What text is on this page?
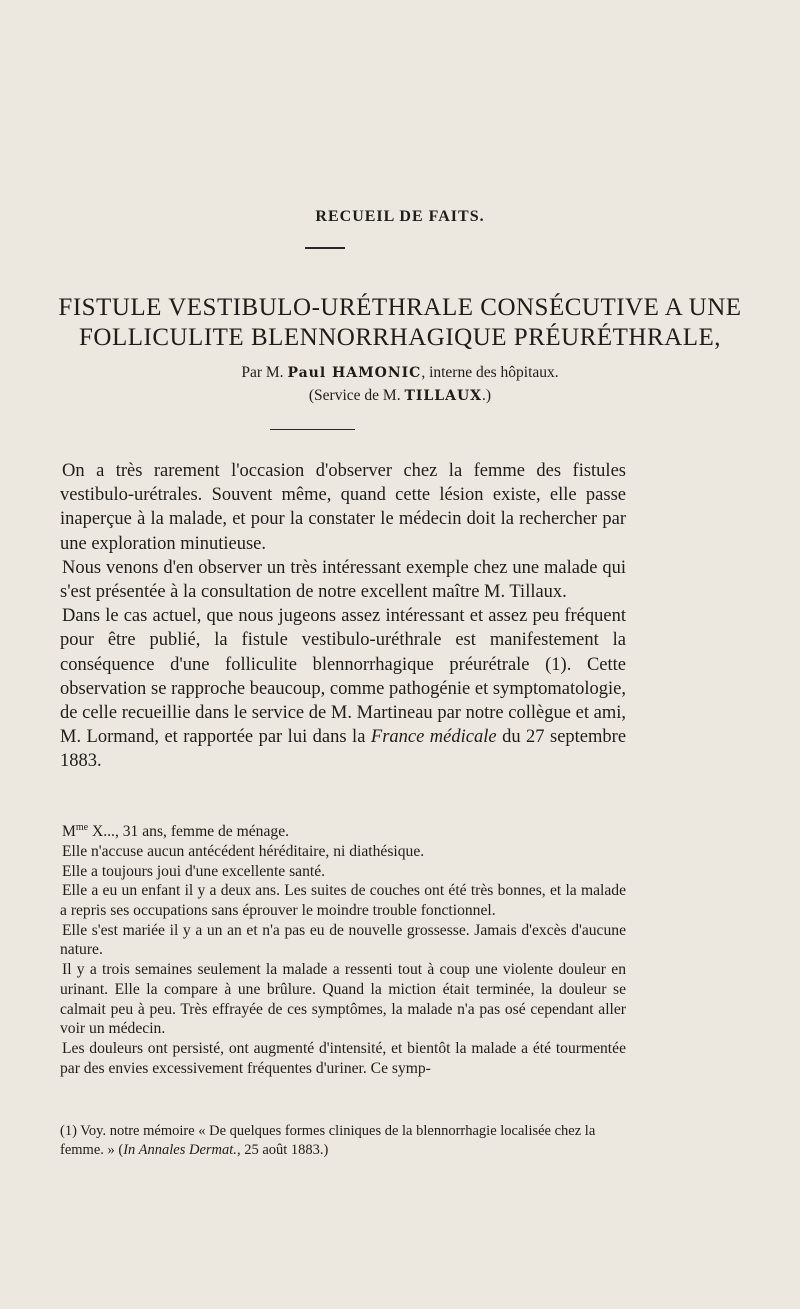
RECUEIL DE FAITS.
FISTULE VESTIBULO-URÉTHRALE CONSÉCUTIVE A UNE
FOLLICULITE BLENNORRHAGIQUE PRÉURÉTHRALE,
Par M. Paul HAMONIC, interne des hôpitaux.
(Service de M. TILLAUX.)

On a très rarement l'occasion d'observer chez la femme des fistules vestibulo-urétrales. Souvent même, quand cette lésion existe, elle passe inaperçue à la malade, et pour la constater le médecin doit la rechercher par une exploration minutieuse.

Nous venons d'en observer un très intéressant exemple chez une malade qui s'est présentée à la consultation de notre excellent maître M. Tillaux.

Dans le cas actuel, que nous jugeons assez intéressant et assez peu fréquent pour être publié, la fistule vestibulo-uréthrale est manifestement la conséquence d'une folliculite blennorrhagique préurétrale (1). Cette observation se rapproche beaucoup, comme pathogénie et symptomatologie, de celle recueillie dans le service de M. Martineau par notre collègue et ami, M. Lormand, et rapportée par lui dans la France médicale du 27 septembre 1883.

$M^{me}$ X..., 31 ans, femme de ménage.

Elle n'accuse aucun antécédent héréditaire, ni diathésique.

Elle a toujours joui d'une excellente santé.

Elle a eu un enfant il y a deux ans. Les suites de couches ont été très bonnes, et la malade a repris ses occupations sans éprouver le moindre trouble fonctionnel.

Elle s'est mariée il y a un an et n'a pas eu de nouvelle grossesse. Jamais d'excès d'aucune nature.

Il y a trois semaines seulement la malade a ressenti tout à coup une violente douleur en urinant. Elle la compare à une brûlure. Quand la miction était terminée, la douleur se calmait peu à peu. Très effrayée de ces symptômes, la malade n'a pas osé cependant aller voir un médecin.

Les douleurs ont persisté, ont augmenté d'intensité, et bientôt la malade a été tourmentée par des envies excessivement fréquentes d'uriner. Ce symp-

(1) Voy. notre mémoire « De quelques formes cliniques de la blennorrhagie localisée chez la femme. » (In Annales Dermat., 25 août 1883.)
